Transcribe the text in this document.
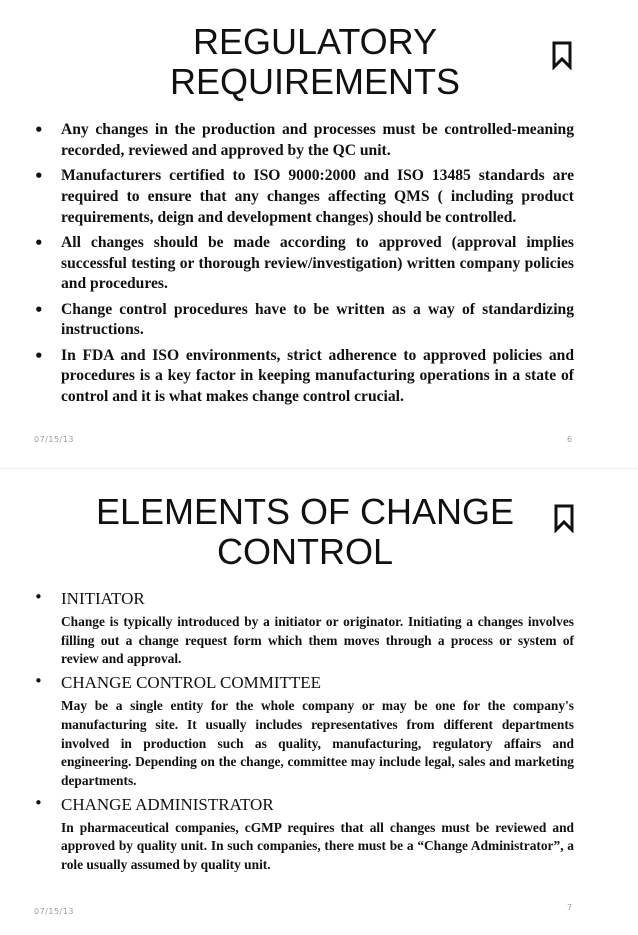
REGULATORY
REQUIREMENTS
• Any changes in the production and processes must be controlled-meaning recorded, reviewed and approved by the QC unit.
• Manufacturers certified to ISO 9000:2000 and ISO 13485 standards are required to ensure that any changes affecting QMS ( including product requirements, deign and development changes) should be controlled.
• All changes should be made according to approved (approval implies successful testing or thorough review/investigation) written company policies and procedures.
• Change control procedures have to be written as a way of standardizing instructions.
• In FDA and ISO environments, strict adherence to approved policies and procedures is a key factor in keeping manufacturing operations in a state of control and it is what makes change control crucial.
07/15/13	6
ELEMENTS OF CHANGE
CONTROL
• INITIATOR
Change is typically introduced by a initiator or originator. Initiating a changes involves filling out a change request form which them moves through a process or system of review and approval.
• CHANGE CONTROL COMMITTEE
May be a single entity for the whole company or may be one for the company's manufacturing site. It usually includes representatives from different departments involved in production such as quality, manufacturing, regulatory affairs and engineering. Depending on the change, committee may include legal, sales and marketing departments.
• CHANGE ADMINISTRATOR
In pharmaceutical companies, cGMP requires that all changes must be reviewed and approved by quality unit. In such companies, there must be a “Change Administrator”, a role usually assumed by quality unit.
07/15/13	7
